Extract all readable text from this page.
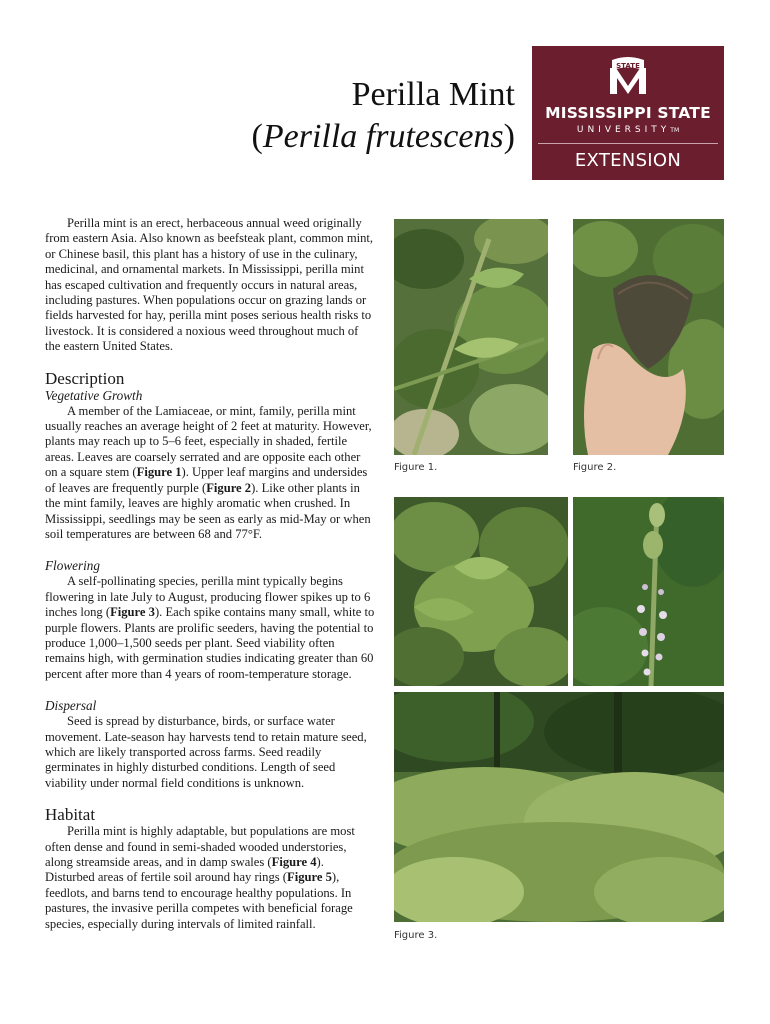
Perilla Mint
(Perilla frutescens)
STATE
MISSISSIPPI STATE
UNIVERSITYTM
EXTENSION

Perilla mint is an erect, herbaceous annual weed originally from eastern Asia. Also known as beefsteak plant, common mint, or Chinese basil, this plant has a history of use in the culinary, medicinal, and ornamental markets. In Mississippi, perilla mint has escaped cultivation and frequently occurs in natural areas, including pastures. When populations occur on grazing lands or fields harvested for hay, perilla mint poses serious health risks to livestock. It is considered a noxious weed throughout much of the eastern United States.

Description
Vegetative Growth

A member of the Lamiaceae, or mint, family, perilla mint usually reaches an average height of 2 feet at maturity. However, plants may reach up to 5–6 feet, especially in shaded, fertile areas. Leaves are coarsely serrated and are opposite each other on a square stem (Figure 1). Upper leaf margins and undersides of leaves are frequently purple (Figure 2). Like other plants in the mint family, leaves are highly aromatic when crushed. In Mississippi, seedlings may be seen as early as mid-May or when soil temperatures are between 68 and 77°F.

Flowering

A self-pollinating species, perilla mint typically begins flowering in late July to August, producing flower spikes up to 6 inches long (Figure 3). Each spike contains many small, white to purple flowers. Plants are prolific seeders, having the potential to produce 1,000–1,500 seeds per plant. Seed viability often remains high, with germination studies indicating greater than 60 percent after more than 4 years of room-temperature storage.

Dispersal

Seed is spread by disturbance, birds, or surface water movement. Late-season hay harvests tend to retain mature seed, which are likely transported across farms. Seed readily germinates in highly disturbed conditions. Length of seed viability under normal field conditions is unknown.

Habitat

Perilla mint is highly adaptable, but populations are most often dense and found in semi-shaded wooded understories, along streamside areas, and in damp swales (Figure 4). Disturbed areas of fertile soil around hay rings (Figure 5), feedlots, and barns tend to encourage healthy populations. In pastures, the invasive perilla competes with beneficial forage species, especially during intervals of limited rainfall.

Figure 1.	Figure 2.
Figure 3.
